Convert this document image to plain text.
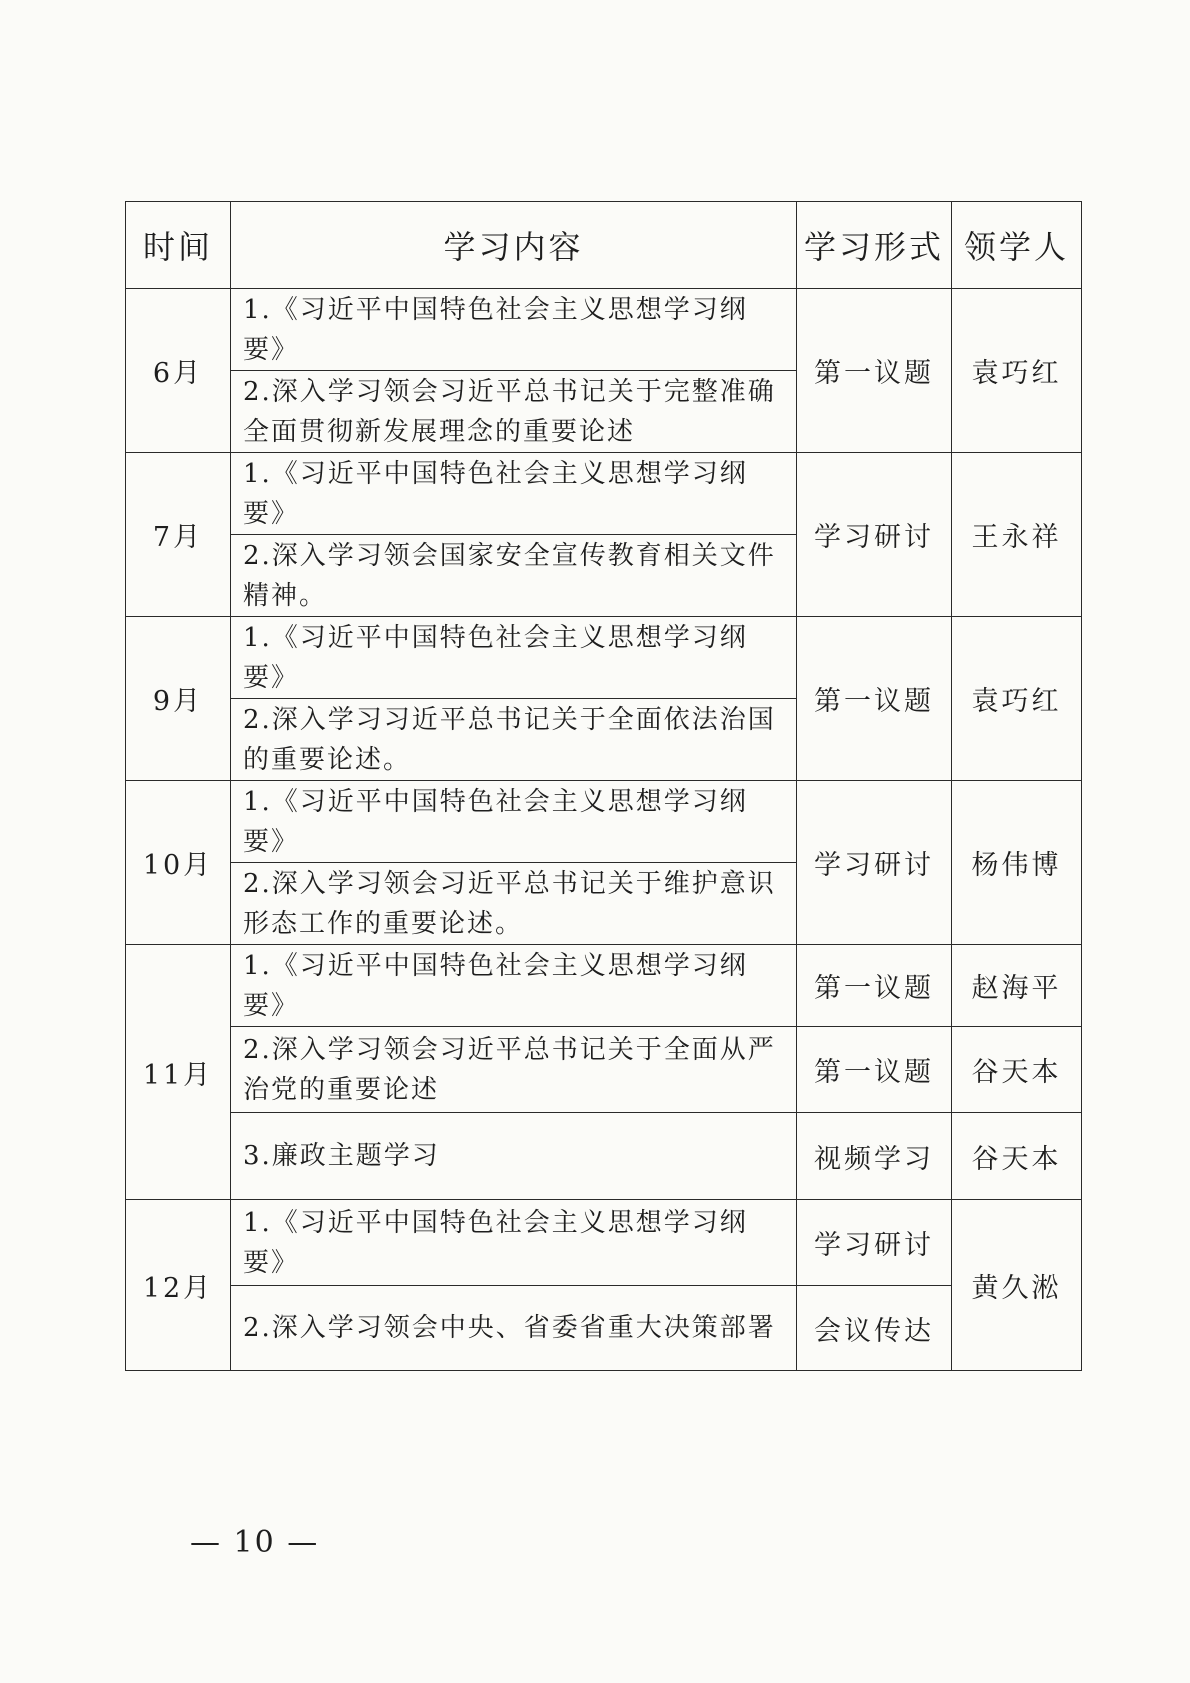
时间	学习内容	学习形式	领学人
6月	1.《习近平中国特色社会主义思想学习纲要》	第一议题	袁巧红
	2.深入学习领会习近平总书记关于完整准确全面贯彻新发展理念的重要论述		
7月	1.《习近平中国特色社会主义思想学习纲要》	学习研讨	王永祥
	2.深入学习领会国家安全宣传教育相关文件精神。		
9月	1.《习近平中国特色社会主义思想学习纲要》	第一议题	袁巧红
	2.深入学习习近平总书记关于全面依法治国的重要论述。		
10月	1.《习近平中国特色社会主义思想学习纲要》	学习研讨	杨伟博
	2.深入学习领会习近平总书记关于维护意识形态工作的重要论述。		
11月	1.《习近平中国特色社会主义思想学习纲要》	第一议题	赵海平
	2.深入学习领会习近平总书记关于全面从严治党的重要论述	第一议题	谷天本
	3.廉政主题学习	视频学习	谷天本
12月	1.《习近平中国特色社会主义思想学习纲要》	学习研讨	黄久淞
	2.深入学习领会中央、省委省重大决策部署	会议传达	
— 10 —
